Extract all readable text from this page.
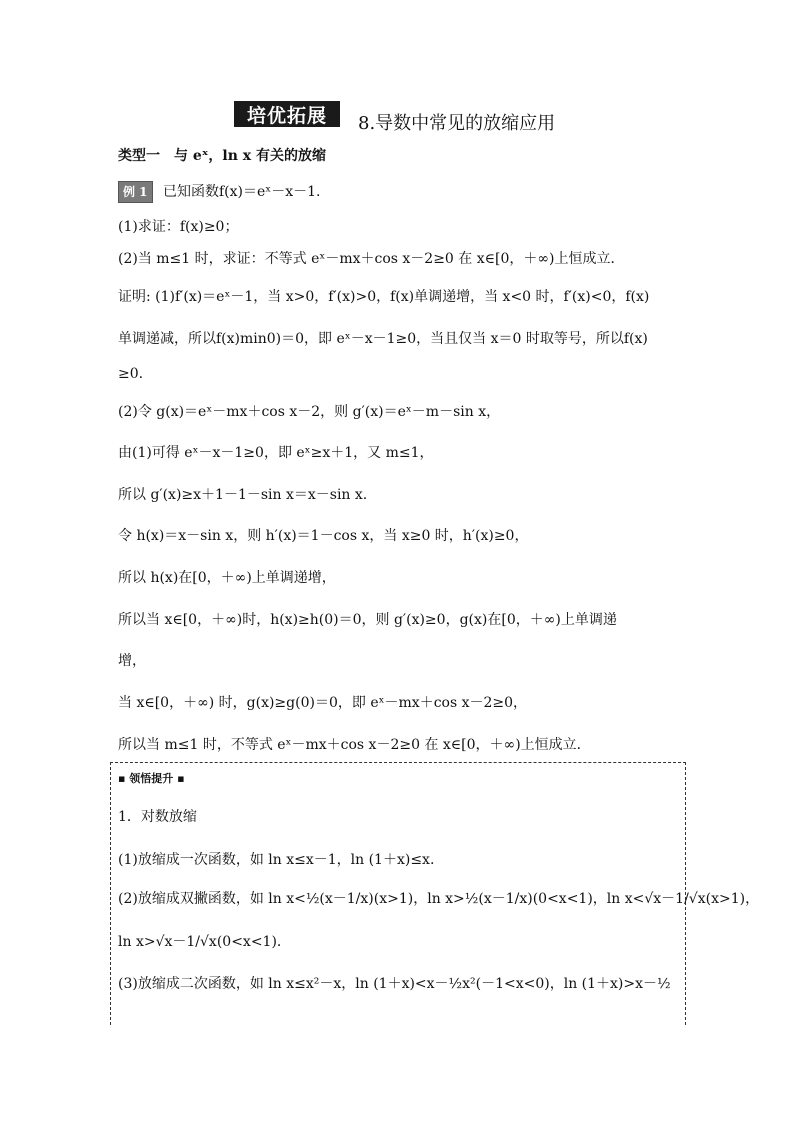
培优拓展	8.导数中常见的放缩应用
类型一　与 eˣ，ln x 有关的放缩
例 1 已知函数f(x)＝eˣ－x－1.
(1)求证：f(x)≥0；
(2)当 m≤1 时，求证：不等式 eˣ－mx＋cos x－2≥0 在 x∈[0，＋∞)上恒成立．
证明: (1)f′(x)＝eˣ－1，当 x>0，f′(x)>0，f(x)单调递增，当 x<0 时，f′(x)<0，f(x)
单调递减，所以f(x)min0)＝0，即 eˣ－x－1≥0，当且仅当 x＝0 时取等号，所以f(x)
≥0.
(2)令 g(x)＝eˣ－mx＋cos x－2，则 g′(x)＝eˣ－m－sin x，
由(1)可得 eˣ－x－1≥0，即 eˣ≥x＋1，又 m≤1，
所以 g′(x)≥x＋1－1－sin x＝x－sin x.
令 h(x)＝x－sin x，则 h′(x)＝1－cos x，当 x≥0 时，h′(x)≥0，
所以 h(x)在[0，＋∞)上单调递增，
所以当 x∈[0，＋∞)时，h(x)≥h(0)＝0，则 g′(x)≥0，g(x)在[0，＋∞)上单调递
增，
当 x∈[0，＋∞) 时，g(x)≥g(0)＝0，即 eˣ－mx＋cos x－2≥0，
所以当 m≤1 时，不等式 eˣ－mx＋cos x－2≥0 在 x∈[0，＋∞)上恒成立．
▪ 领悟提升 ▪
1．对数放缩
(1)放缩成一次函数，如 ln x≤x－1，ln (1＋x)≤x.
(2)放缩成双撇函数，如 ln x<½(x－1/x)(x>1)，ln x>½(x－1/x)(0<x<1)，ln x<√x－1/√x(x>1)，
ln x>√x－1/√x(0<x<1)．
(3)放缩成二次函数，如 ln x≤x²－x，ln (1＋x)<x－½x²(－1<x<0)，ln (1＋x)>x－½
